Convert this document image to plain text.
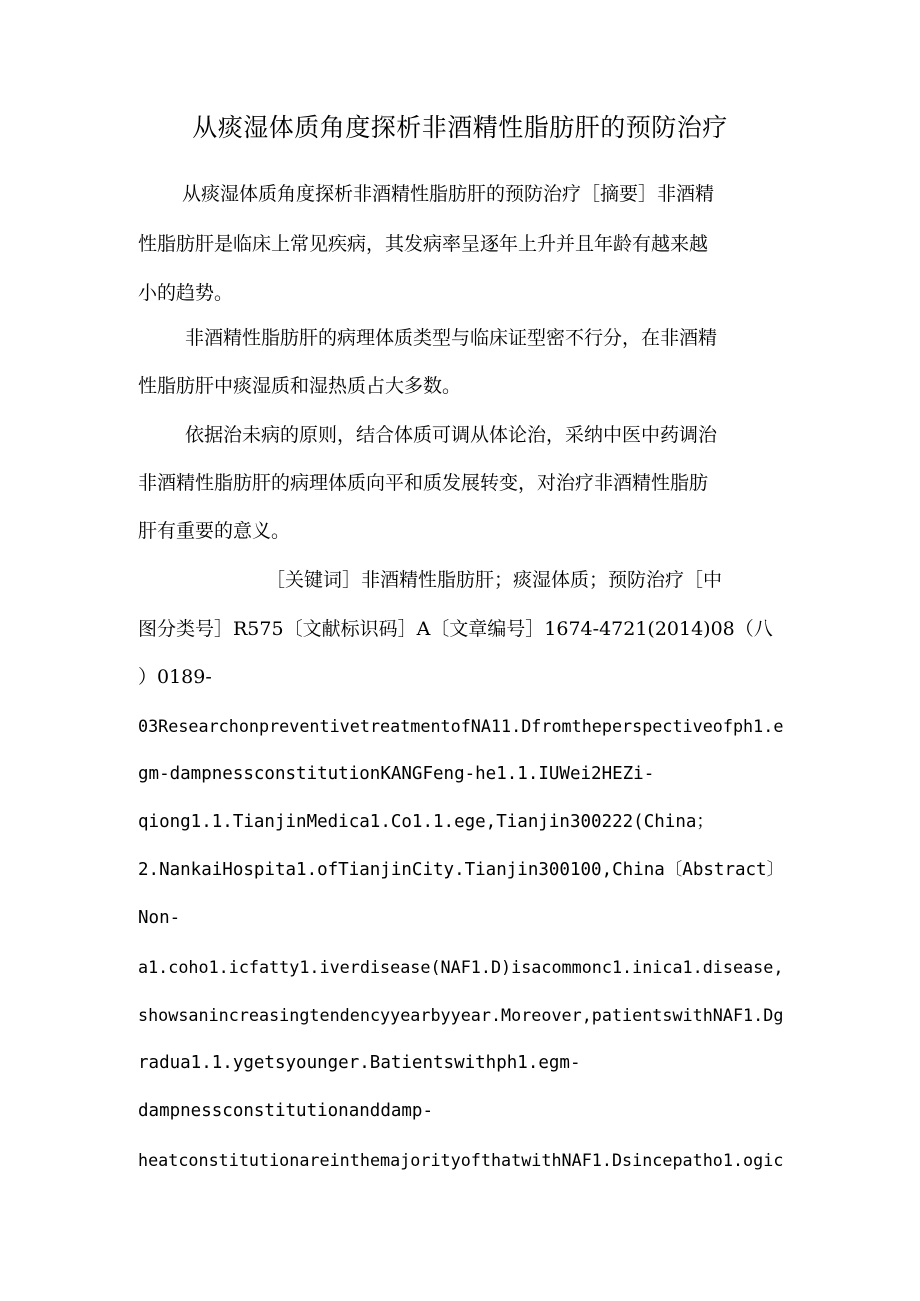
从痰湿体质角度探析非酒精性脂肪肝的预防治疗

从痰湿体质角度探析非酒精性脂肪肝的预防治疗［摘要］非酒精

性脂肪肝是临床上常见疾病，其发病率呈逐年上升并且年龄有越来越

小的趋势。

非酒精性脂肪肝的病理体质类型与临床证型密不行分，在非酒精

性脂肪肝中痰湿质和湿热质占大多数。

依据治未病的原则，结合体质可调从体论治，采纳中医中药调治

非酒精性脂肪肝的病理体质向平和质发展转变，对治疗非酒精性脂肪

肝有重要的意义。

［关键词］非酒精性脂肪肝；痰湿体质；预防治疗［中

图分类号］R575〔文献标识码］A〔文章编号］1674-4721(2014)08（八

）0189-

03ResearchonpreventivetreatmentofNA11.Dfromtheperspectiveofph1.e

gm-dampnessconstitutionKANGFeng-he1.1.IUWei2HEZi-

qiong1.1.TianjinMedica1.Co1.1.ege,Tianjin300222(China；

2.NankaiHospita1.ofTianjinCity.Tianjin300100,China〔Abstract〕

Non-

a1.coho1.icfatty1.iverdisease(NAF1.D)isacommonc1.inica1.disease,

showsanincreasingtendencyyearbyyear.Moreover,patientswithNAF1.Dg

radua1.1.ygetsyounger.Batientswithph1.egm-

dampnessconstitutionanddamp-

heatconstitutionareinthemajorityofthatwithNAF1.Dsincepatho1.ogic
